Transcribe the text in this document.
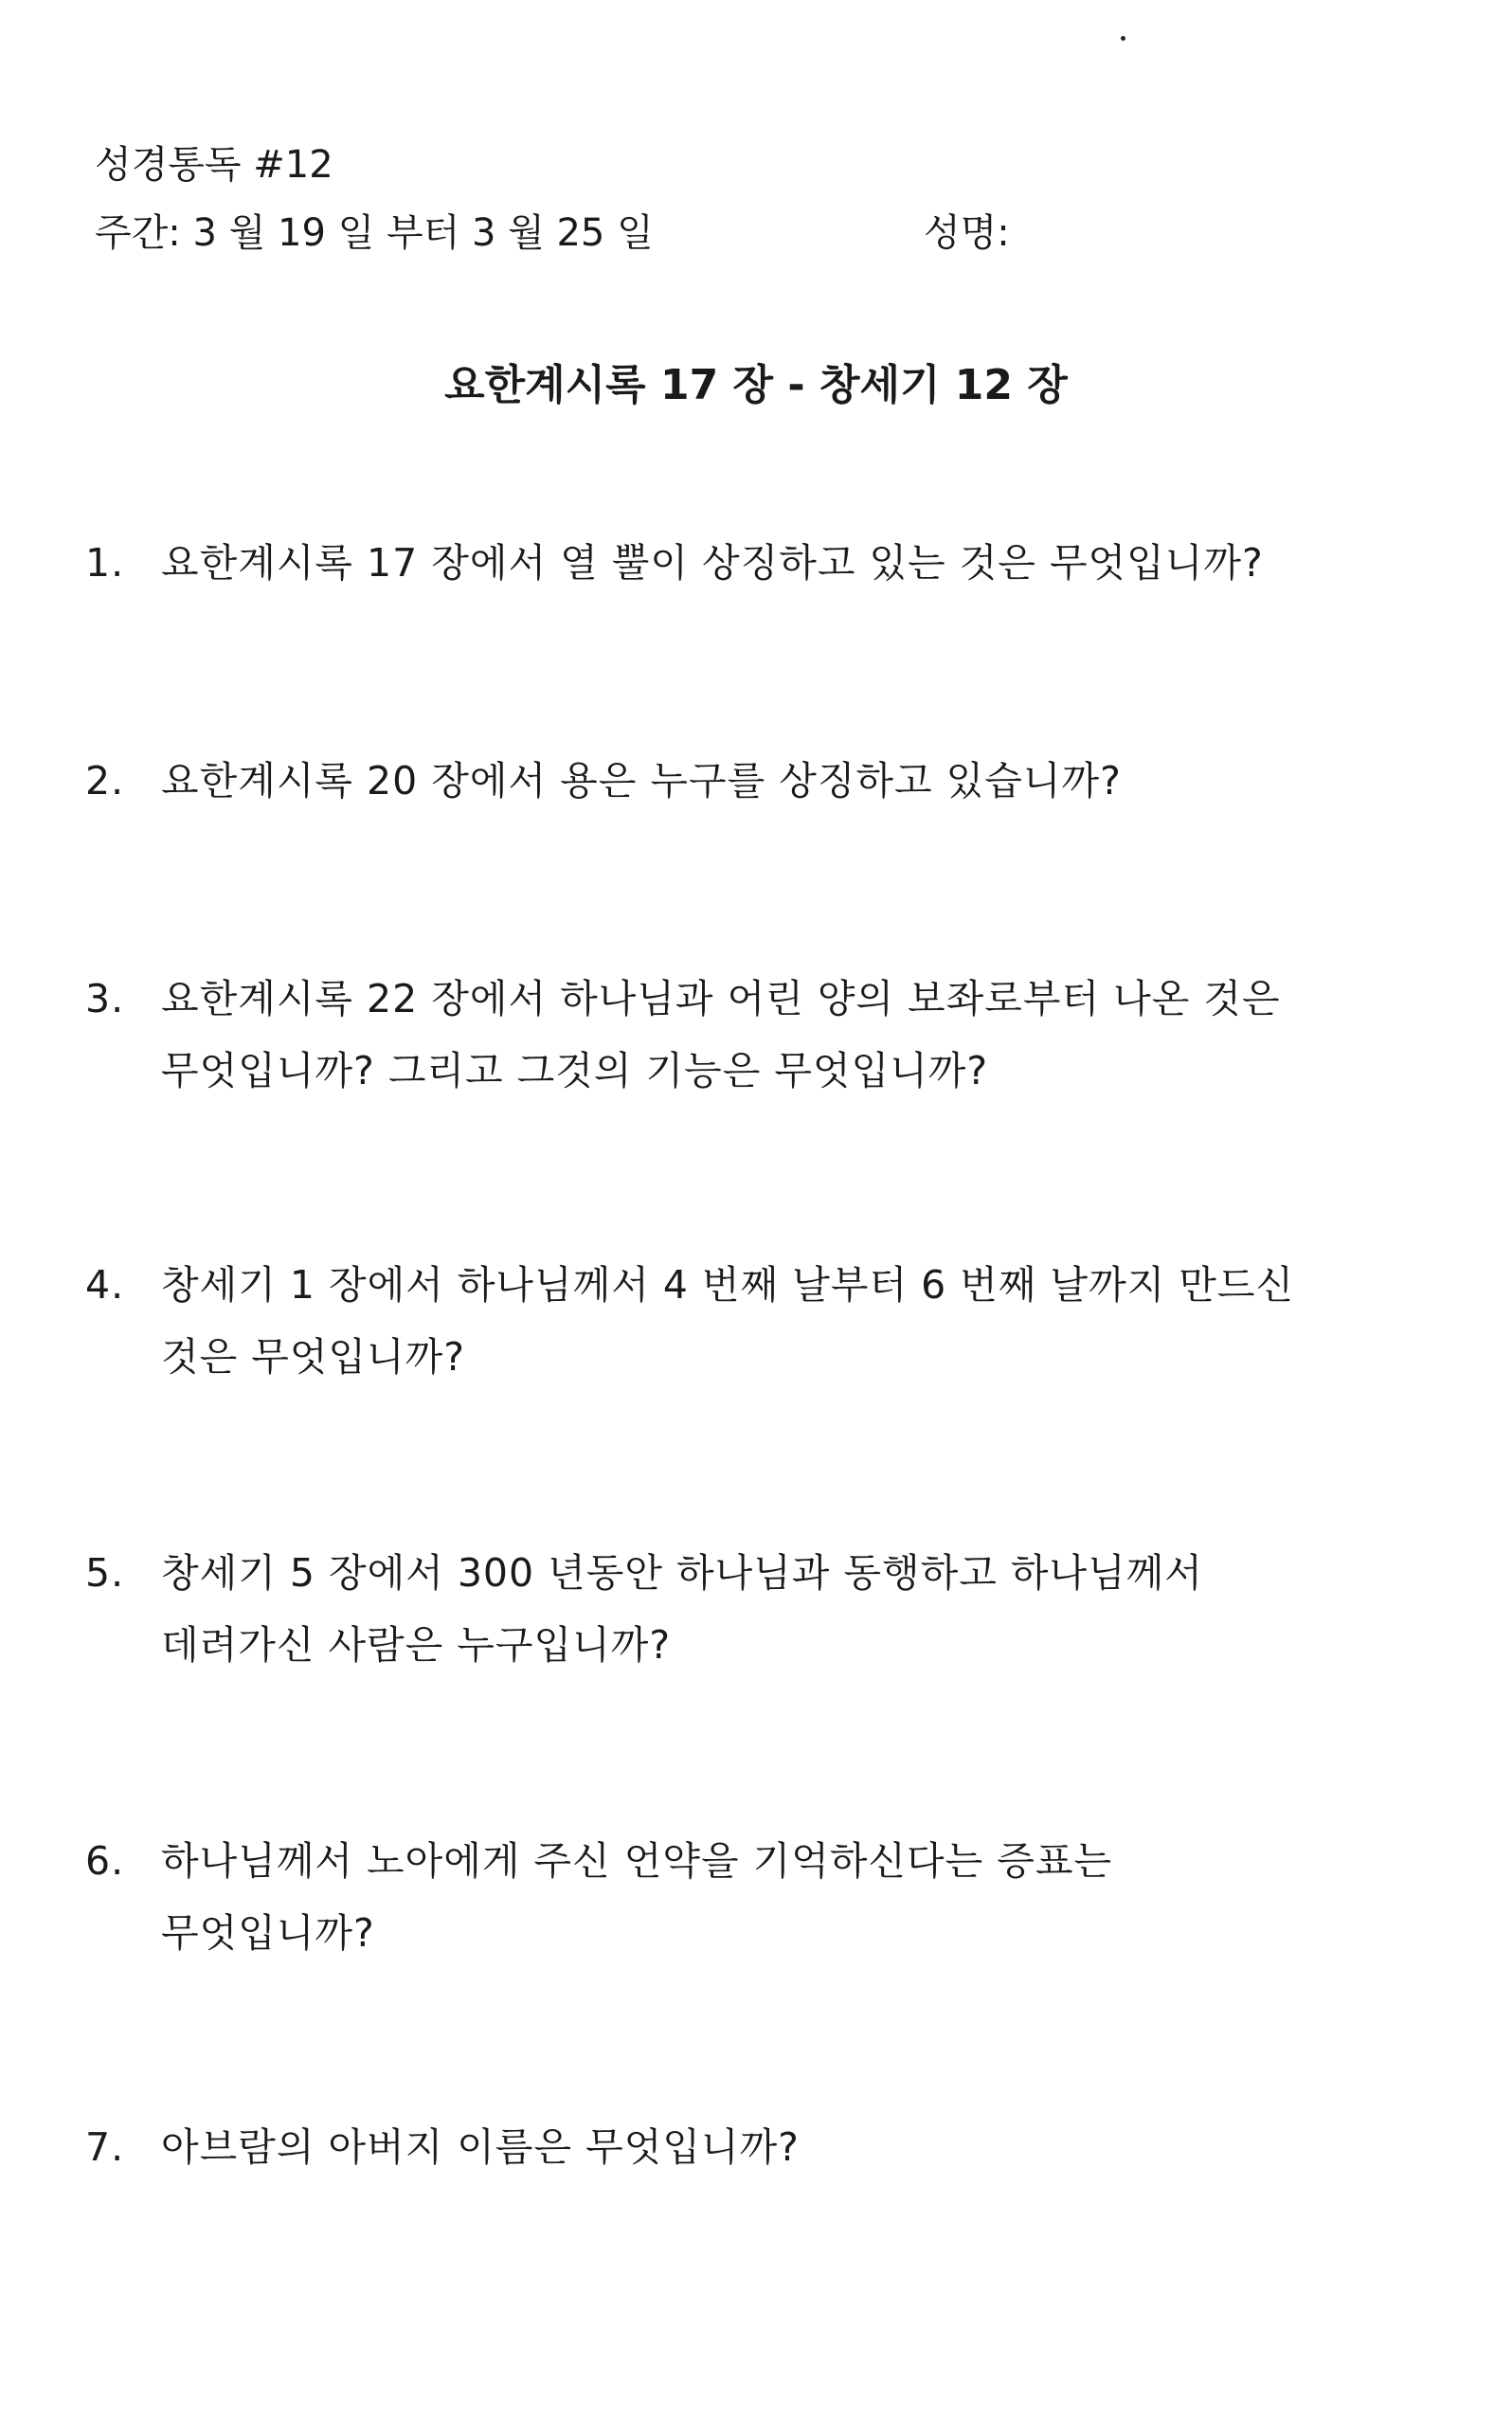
성경통독 #12
주간: 3 월 19 일 부터 3 월 25 일	성명:
요한계시록 17 장 - 창세기 12 장
1. 요한계시록 17 장에서 열 뿔이 상징하고 있는 것은 무엇입니까?
2. 요한계시록 20 장에서 용은 누구를 상징하고 있습니까?
3. 요한계시록 22 장에서 하나님과 어린 양의 보좌로부터 나온 것은
무엇입니까? 그리고 그것의 기능은 무엇입니까?
4. 창세기 1 장에서 하나님께서 4 번째 날부터 6 번째 날까지 만드신
것은 무엇입니까?
5. 창세기 5 장에서 300 년동안 하나님과 동행하고 하나님께서
데려가신 사람은 누구입니까?
6. 하나님께서 노아에게 주신 언약을 기억하신다는 증표는
무엇입니까?
7. 아브람의 아버지 이름은 무엇입니까?
